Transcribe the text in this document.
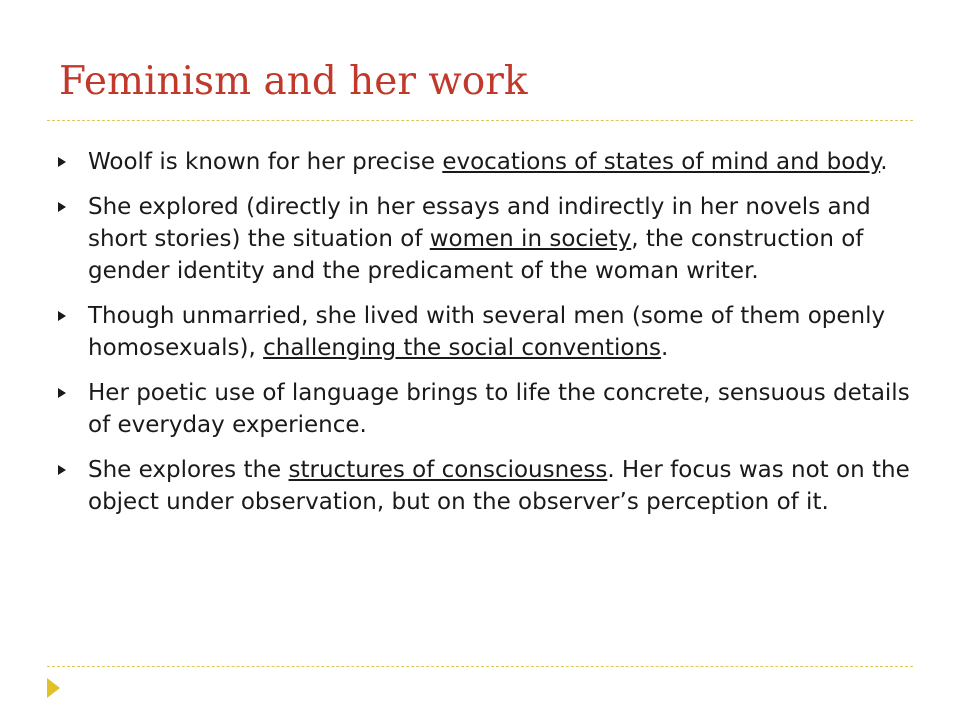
Feminism and her work
Woolf is known for her precise evocations of states of mind and body.
She explored (directly in her essays and indirectly in her novels and short stories) the situation of women in society, the construction of gender identity and the predicament of the woman writer.
Though unmarried, she lived with several men (some of them openly homosexuals), challenging the social conventions.
Her poetic use of language brings to life the concrete, sensuous details of everyday experience.
She explores the structures of consciousness. Her focus was not on the object under observation, but on the observer’s perception of it.
